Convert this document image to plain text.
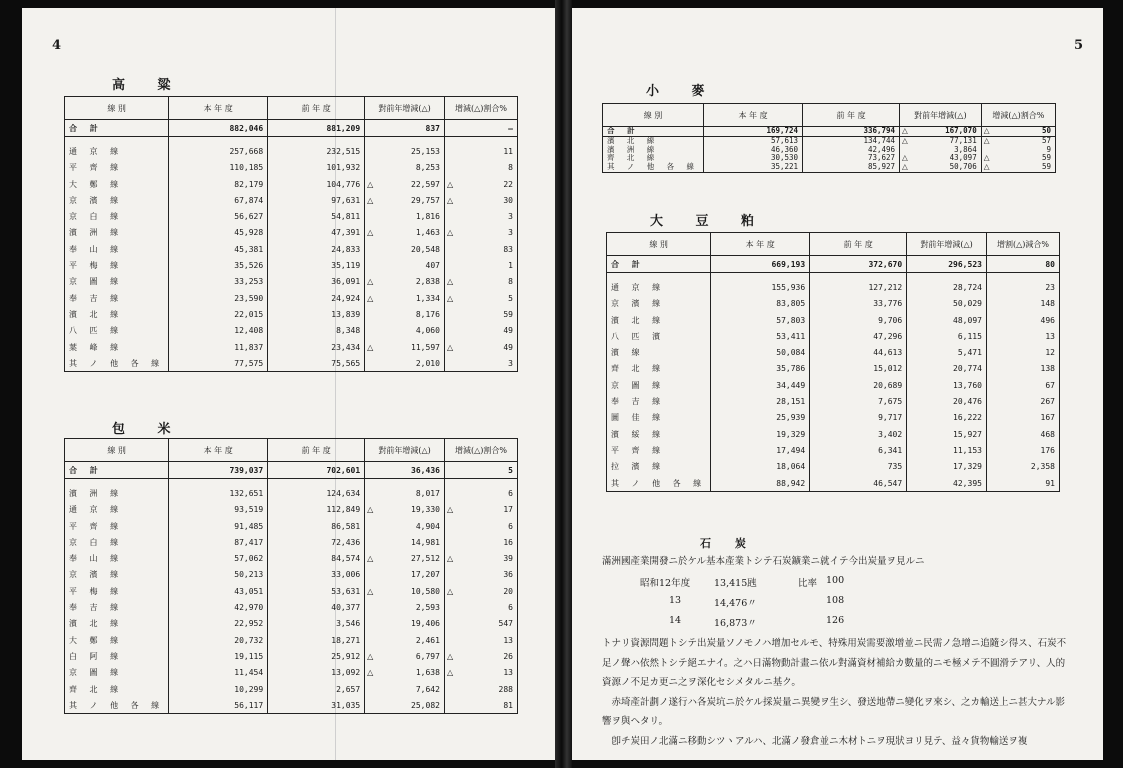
4
高 粱
線 別	本 年 度	前 年 度	對前年增減(△)		增減(△)割合%	
合 計	882,046	881,209		837		—

通 京 線	257,668	232,515		25,153		11
平 齊 線	110,185	101,932		8,253		8
大 鄭 線	82,179	104,776	△	22,597	△	22
京 濱 線	67,874	97,631	△	29,757	△	30
京 白 線	56,627	54,811		1,816		3
濱 洲 線	45,928	47,391	△	1,463	△	3
奉 山 線	45,381	24,833		20,548		83
平 梅 線	35,526	35,119		407		1
京 圖 線	33,253	36,091	△	2,838	△	8
奉 吉 線	23,590	24,924	△	1,334	△	5
濱 北 線	22,015	13,839		8,176		59
八 匹 線	12,408	8,348		4,060		49
葉 峰 線	11,837	23,434	△	11,597	△	49
其 ノ 他 各 線	77,575	75,565		2,010		3
包 米
線 別	本 年 度	前 年 度	對前年增減(△)		增減(△)割合%	
合 計	739,037	702,601		36,436		5

濱 洲 線	132,651	124,634		8,017		6
通 京 線	93,519	112,849	△	19,330	△	17
平 齊 線	91,485	86,581		4,904		6
京 白 線	87,417	72,436		14,981		16
奉 山 線	57,062	84,574	△	27,512	△	39
京 濱 線	50,213	33,006		17,207		36
平 梅 線	43,051	53,631	△	10,580	△	20
奉 吉 線	42,970	40,377		2,593		6
濱 北 線	22,952	3,546		19,406		547
大 鄭 線	20,732	18,271		2,461		13
白 阿 線	19,115	25,912	△	6,797	△	26
京 圖 線	11,454	13,092	△	1,638	△	13
齊 北 線	10,299	2,657		7,642		288
其 ノ 他 各 線	56,117	31,035		25,082		81
5
小 麥
線 別	本 年 度	前 年 度	對前年增減(△)		增減(△)割合%	
合 計	169,724	336,794	△	167,070	△	50
濱 北 線	57,613	134,744	△	77,131	△	57
濱 洲 線	46,360	42,496		3,864		9
齊 北 線	30,530	73,627	△	43,097	△	59
其 ノ 他 各 線	35,221	85,927	△	50,706	△	59
大 豆 粕
線 別	本 年 度	前 年 度	對前年增減(△)		增割(△)減合%	
合 計	669,193	372,670		296,523		80

通 京 線	155,936	127,212		28,724		23
京 濱 線	83,805	33,776		50,029		148
濱 北 線	57,803	9,706		48,097		496
八 匹 濱	53,411	47,296		6,115		13
濱 線	50,084	44,613		5,471		12
齊 北 線	35,786	15,012		20,774		138
京 圖 線	34,449	20,689		13,760		67
奉 吉 線	28,151	7,675		20,476		267
圖 佳 線	25,939	9,717		16,222		167
濱 綏 線	19,329	3,402		15,927		468
平 齊 線	17,494	6,341		11,153		176
拉 濱 線	18,064	735		17,329		2,358
其 ノ 他 各 線	88,942	46,547		42,395		91
石 炭

滿洲國產業開發ニ於ケル基本產業トシテ石炭鑛業ニ就イテ今出炭量ヲ見ルニ

昭和12年度	13,415瓲	比率 100
13	14,476〃	108
14	16,873〃	126

トナリ資源問題トシテ出炭量ソノモノハ增加セルモ、特殊用炭需要激增並ニ民需ノ急增ニ追隨シ得ス、石炭不足ノ聲ハ依然トシテ絕エナイ。之ハ日滿物動計畫ニ依ル對滿資材補給カ數量的ニモ極メテ不圓滑テアリ、人的資源ノ不足カ更ニ之ヲ深化セシメタルニ基ク。

赤埼產計劃ノ遂行ハ各炭坑ニ於ケル採炭量ニ異變ヲ生シ、發送地帶ニ變化ヲ來シ、之カ輸送上ニ甚大ナル影響ヲ與ヘタリ。

卽チ炭田ノ北滿ニ移動シツヽアルハ、北滿ノ發倉並ニ木材トニヲ現狀ヨリ見テ、益々貨物輸送ヲ複
